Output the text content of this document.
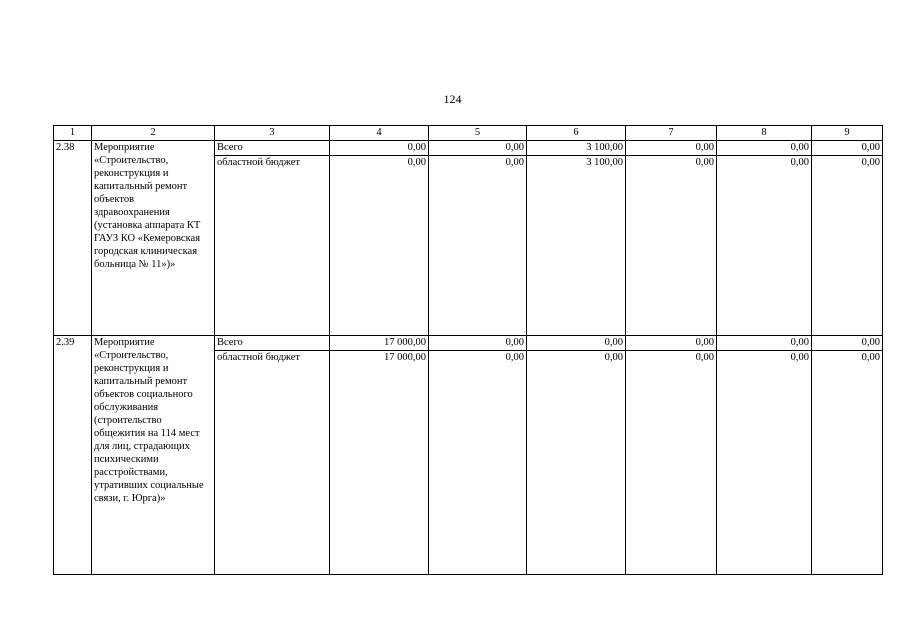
124
1	2	3	4	5	6	7	8	9
2.38	Мероприятие «Строительство, реконструкция и капитальный ремонт объектов здравоохранения (установка аппарата КТ ГАУЗ КО «Кемеровская городская клиническая больница № 11»)»	Всего	0,00	0,00	3 100,00	0,00	0,00	0,00
		областной бюджет	0,00	0,00	3 100,00	0,00	0,00	0,00
2.39	Мероприятие «Строительство, реконструкция и капитальный ремонт объектов социального обслуживания (строительство общежития на 114 мест для лиц, страдающих психическими расстройствами, утративших социальные связи, г. Юрга)»	Всего	17 000,00	0,00	0,00	0,00	0,00	0,00
		областной бюджет	17 000,00	0,00	0,00	0,00	0,00	0,00
